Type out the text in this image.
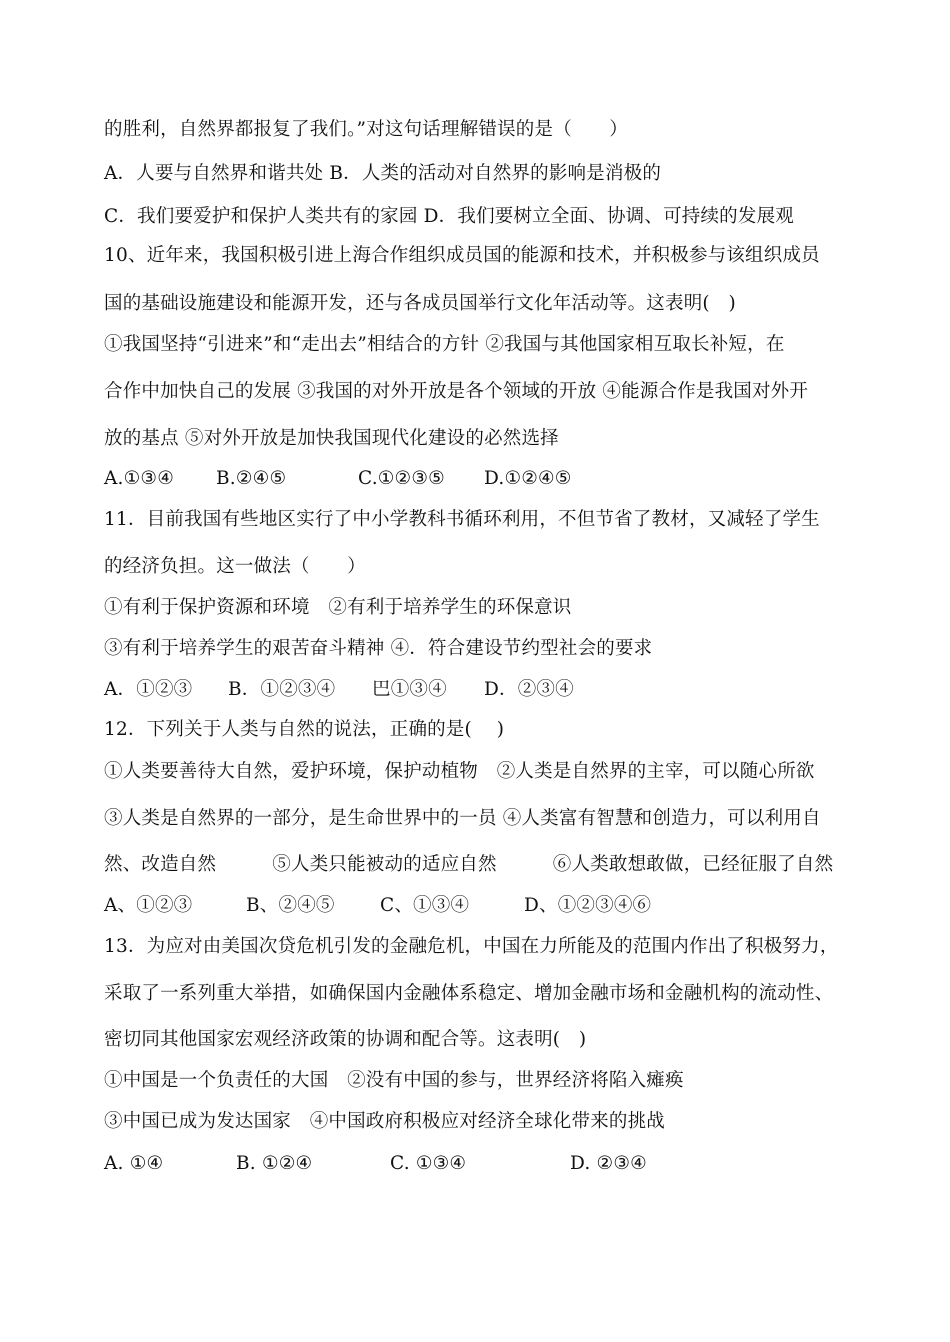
的胜利，自然界都报复了我们。”对这句话理解错误的是（　　）
A．人要与自然界和谐共处 B．人类的活动对自然界的影响是消极的
C．我们要爱护和保护人类共有的家园 D．我们要树立全面、协调、可持续的发展观
10、近年来，我国积极引进上海合作组织成员国的能源和技术，并积极参与该组织成员
国的基础设施建设和能源开发，还与各成员国举行文化年活动等。这表明(　)
①我国坚持“引进来”和“走出去”相结合的方针 ②我国与其他国家相互取长补短，在
合作中加快自己的发展 ③我国的对外开放是各个领域的开放 ④能源合作是我国对外开
放的基点 ⑤对外开放是加快我国现代化建设的必然选择
A.①③④ B.②④⑤	C.①②③⑤ D.①②④⑤
11．目前我国有些地区实行了中小学教科书循环利用，不但节省了教材，又减轻了学生
的经济负担。这一做法（　　）
①有利于保护资源和环境　②有利于培养学生的环保意识
③有利于培养学生的艰苦奋斗精神 ④．符合建设节约型社会的要求
A．①②③ B．①②③④ 巴①③④ D．②③④
12．下列关于人类与自然的说法，正确的是(　 )
①人类要善待大自然，爱护环境，保护动植物　②人类是自然界的主宰，可以随心所欲
③人类是自然界的一部分，是生命世界中的一员 ④人类富有智慧和创造力，可以利用自
然、改造自然　　　⑤人类只能被动的适应自然　　　⑥人类敢想敢做，已经征服了自然
A、①②③	B、②④⑤ C、①③④	D、①②③④⑥
13．为应对由美国次贷危机引发的金融危机，中国在力所能及的范围内作出了积极努力，
采取了一系列重大举措，如确保国内金融体系稳定、增加金融市场和金融机构的流动性、
密切同其他国家宏观经济政策的协调和配合等。这表明(　)
①中国是一个负责任的大国　②没有中国的参与，世界经济将陷入瘫痪
③中国已成为发达国家　④中国政府积极应对经济全球化带来的挑战
A. ①④	B. ①②④	C. ①③④	D. ②③④
